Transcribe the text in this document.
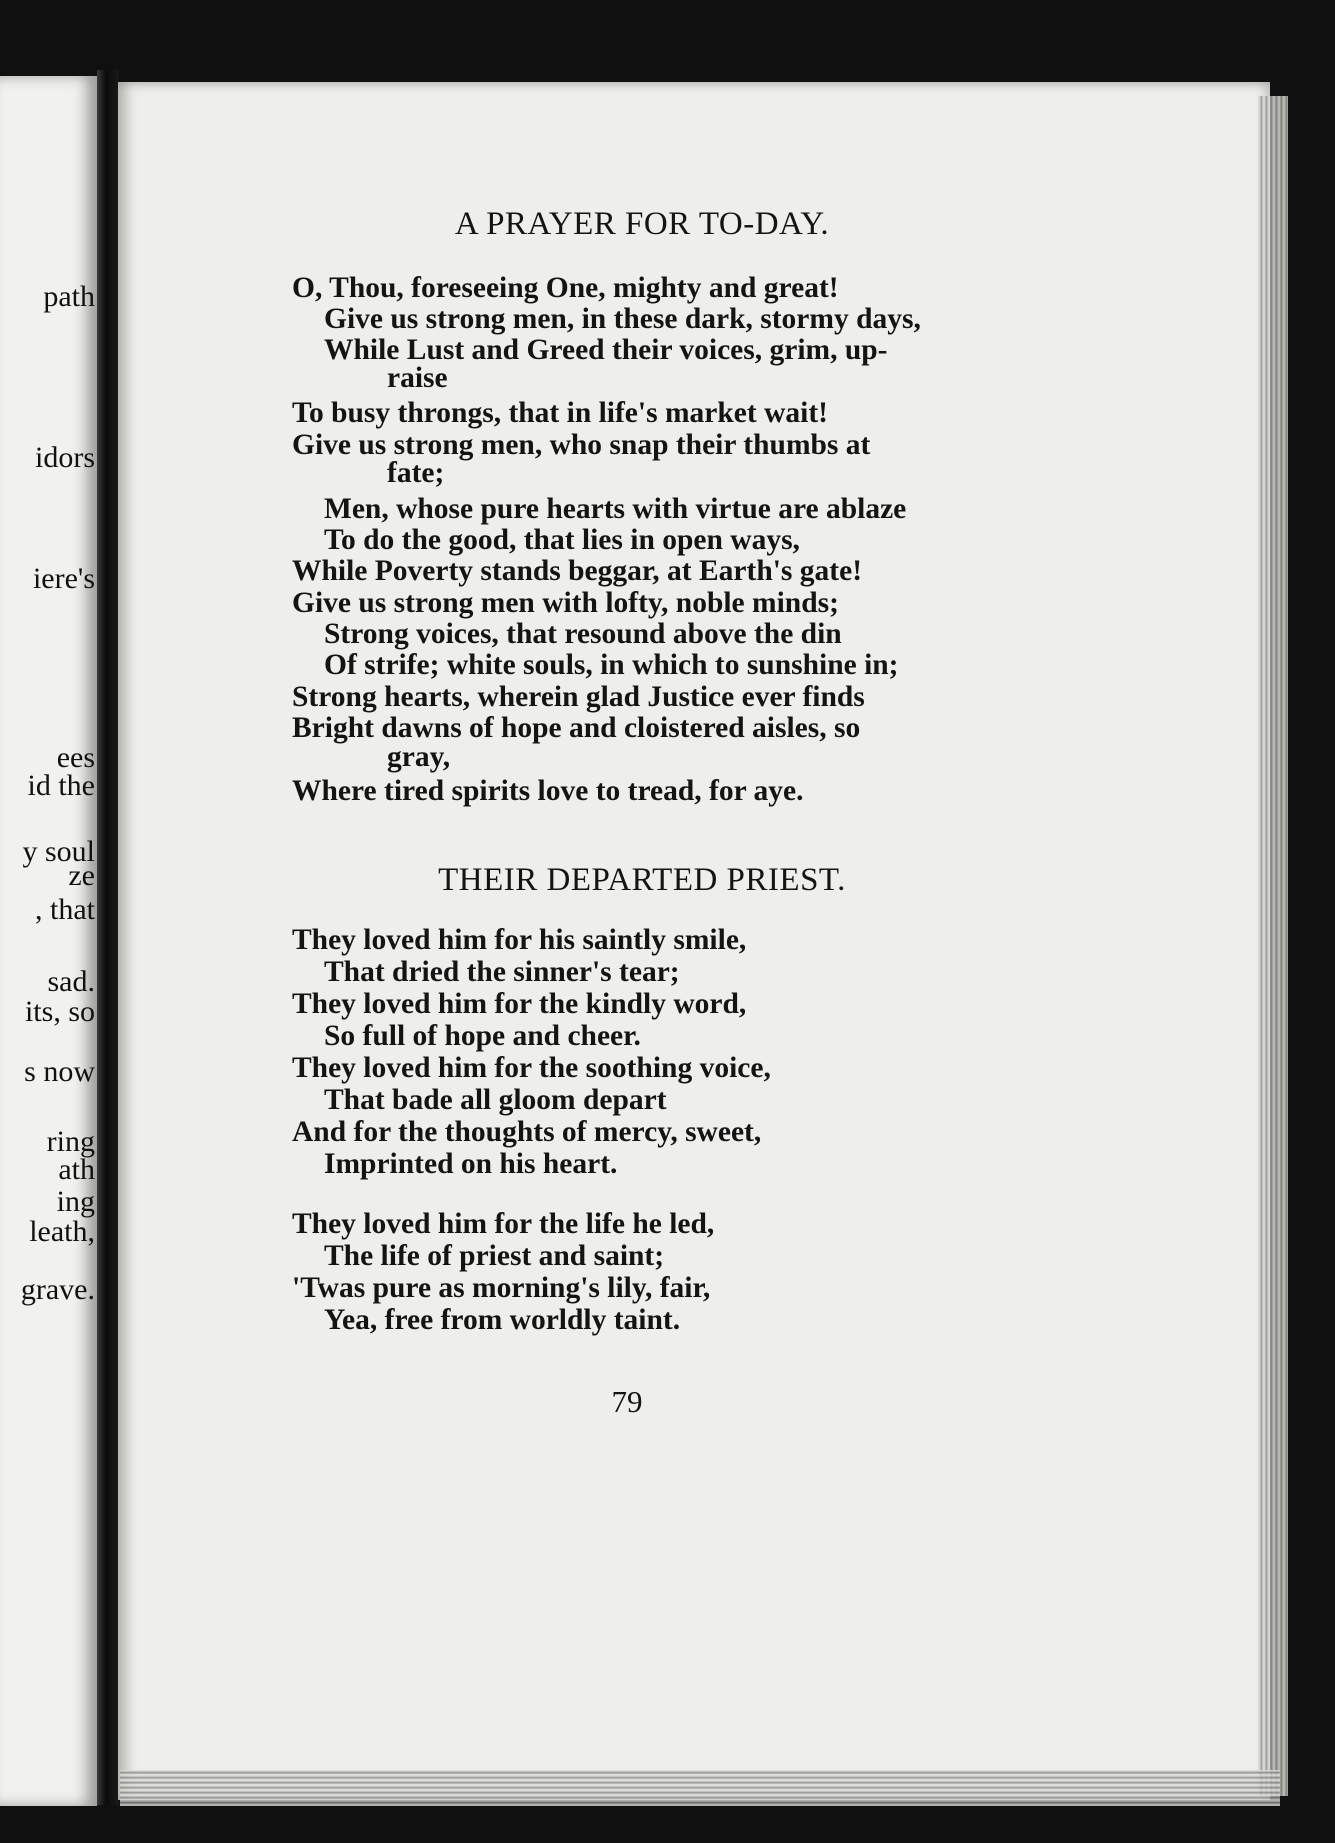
path
idors
iere's
ees
id the
y soul
ze
, that
sad.
its, so
s now
ring
ath
ing
leath,
grave.
A PRAYER FOR TO-DAY.
O, Thou, foreseeing One, mighty and great!
Give us strong men, in these dark, stormy days,
While Lust and Greed their voices, grim, up-
raise
To busy throngs, that in life's market wait!
Give us strong men, who snap their thumbs at
fate;
Men, whose pure hearts with virtue are ablaze
To do the good, that lies in open ways,
While Poverty stands beggar, at Earth's gate!
Give us strong men with lofty, noble minds;
Strong voices, that resound above the din
Of strife; white souls, in which to sunshine in;
Strong hearts, wherein glad Justice ever finds
Bright dawns of hope and cloistered aisles, so
gray,
Where tired spirits love to tread, for aye.
THEIR DEPARTED PRIEST.
They loved him for his saintly smile,
That dried the sinner's tear;
They loved him for the kindly word,
So full of hope and cheer.
They loved him for the soothing voice,
That bade all gloom depart
And for the thoughts of mercy, sweet,
Imprinted on his heart.
They loved him for the life he led,
The life of priest and saint;
'Twas pure as morning's lily, fair,
Yea, free from worldly taint.
79
